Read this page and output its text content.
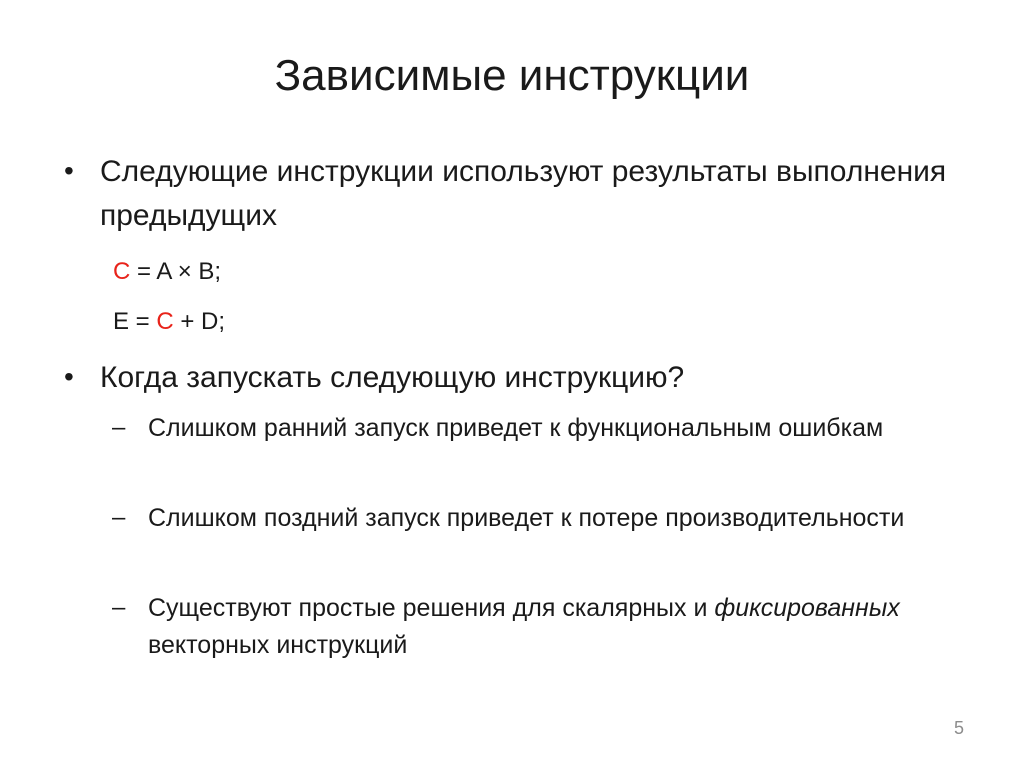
Зависимые инструкции
• Следующие инструкции используют результаты выполнения предыдущих
C = A × B;
E = C + D;
• Когда запускать следующую инструкцию?
– Слишком ранний запуск приведет к функциональным ошибкам
– Слишком поздний запуск приведет к потере производительности
– Существуют простые решения для скалярных и фиксированных векторных инструкций
5
